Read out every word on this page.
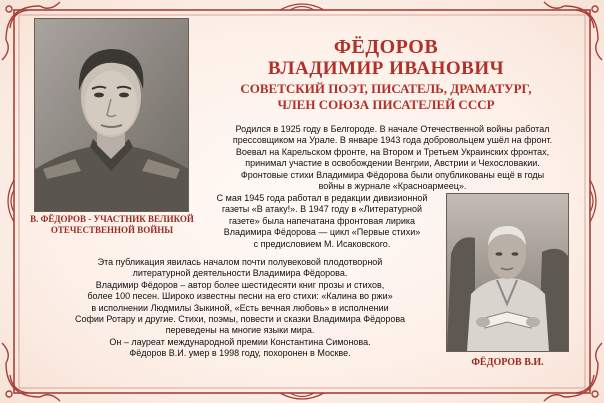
В. ФЁДОРОВ - УЧАСТНИК ВЕЛИКОЙ
ОТЕЧЕСТВЕННОЙ ВОЙНЫ
ФЁДОРОВ
ВЛАДИМИР ИВАНОВИЧ
СОВЕТСКИЙ ПОЭТ, ПИСАТЕЛЬ, ДРАМАТУРГ,
ЧЛЕН СОЮЗА ПИСАТЕЛЕЙ СССР
Родился в 1925 году в Белгороде. В начале Отечественной войны работал
прессовщиком на Урале. В январе 1943 года добровольцем ушёл на фронт.
Воевал на Карельском фронте, на Втором и Третьем Украинских фронтах,
принимал участие в освобождении Венгрии, Австрии и Чехословакии.
Фронтовые стихи Владимира Фёдорова были опубликованы ещё в годы
войны в журнале «Красноармеец».
С мая 1945 года работал в редакции дивизионной
газеты «В атаку!». В 1947 году в «Литературной
газете» была напечатана фронтовая лирика
Владимира Фёдорова — цикл «Первые стихи»
с предисловием М. Исаковского.
Эта публикация явилась началом почти полувековой плодотворной
литературной деятельности Владимира Фёдорова.
Владимир Фёдоров – автор более шестидесяти книг прозы и стихов,
более 100 песен. Широко известны песни на его стихи: «Калина во ржи»
в исполнении Людмилы Зыкиной, «Есть вечная любовь» в исполнении
Софии Ротару и другие. Стихи, поэмы, повести и сказки Владимира Фёдорова
переведены на многие языки мира.
Он – лауреат международной премии Константина Симонова.
Фёдоров В.И. умер в 1998 году, похоронен в Москве.
ФЁДОРОВ В.И.
